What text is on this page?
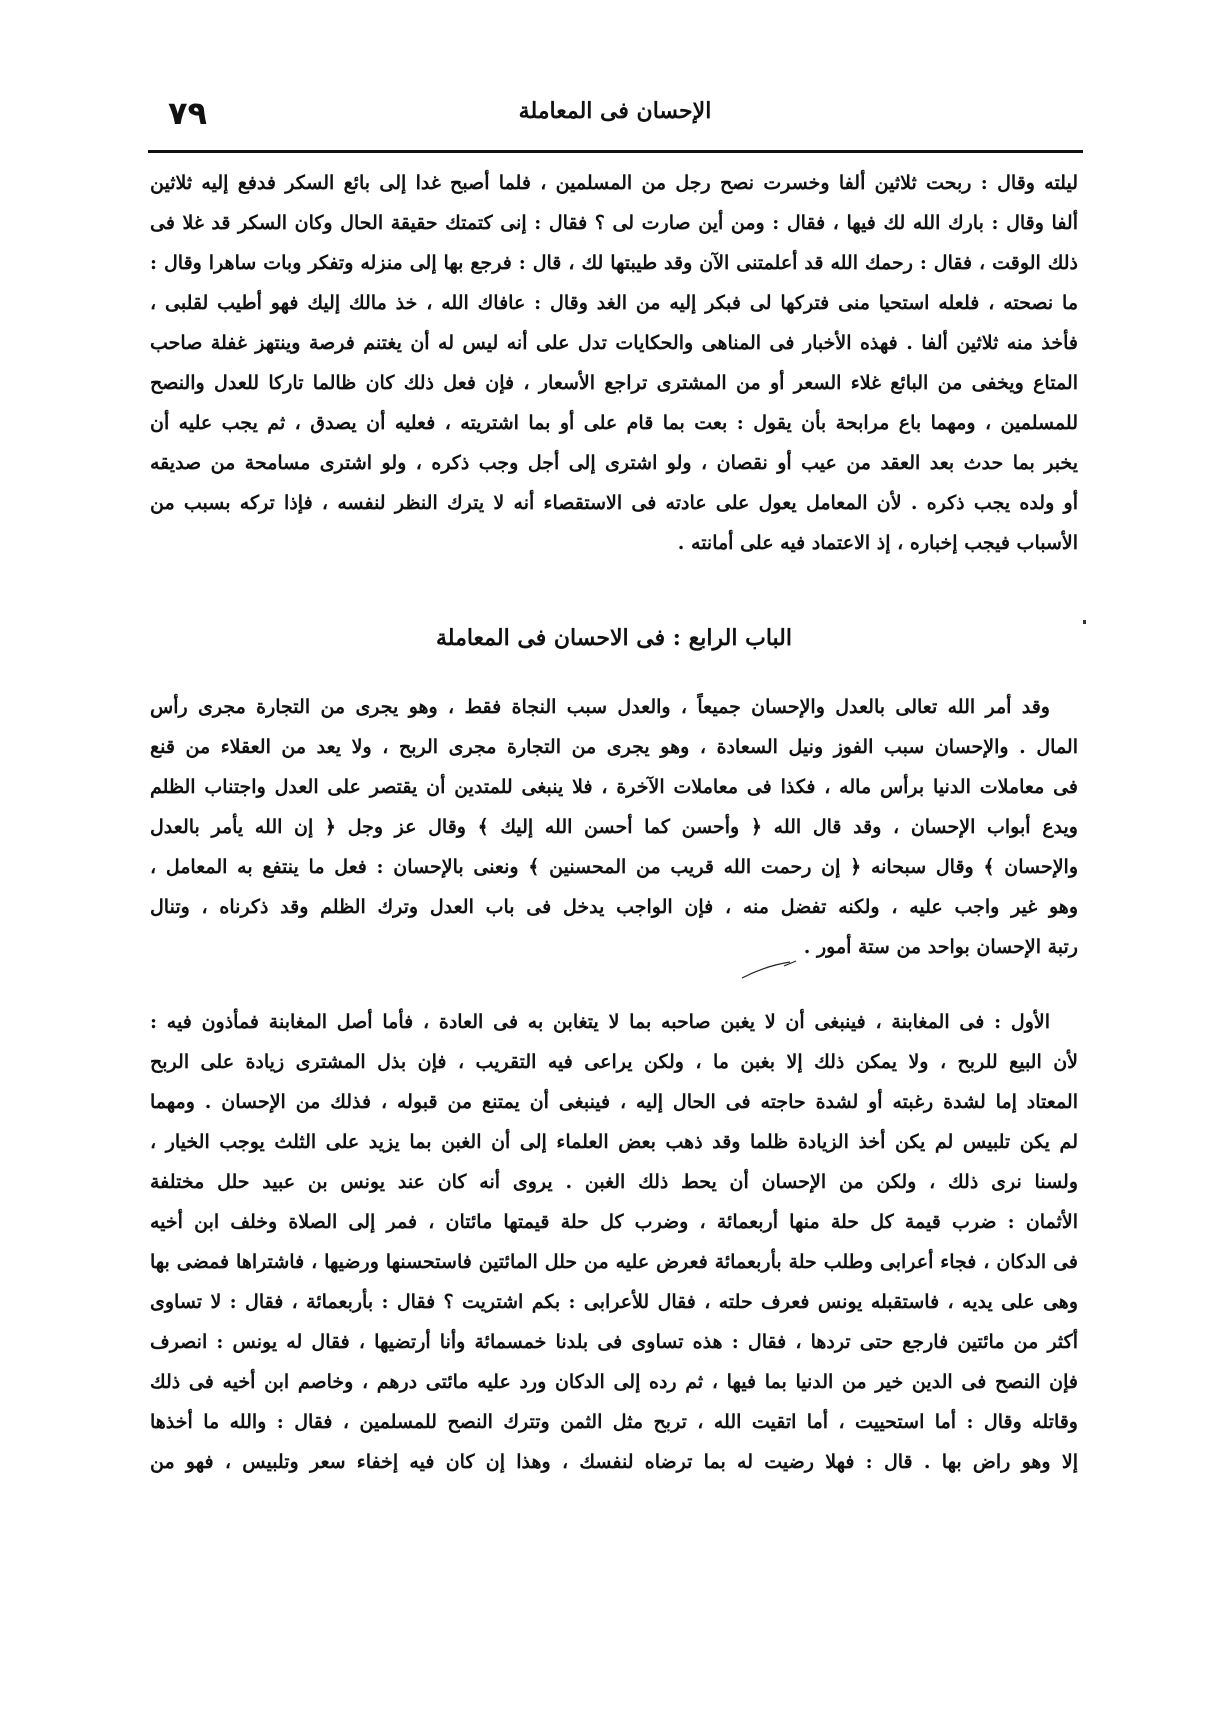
الإحسان فى المعاملة
٧٩
ليلته وقال : ربحت ثلاثين ألفا وخسرت نصح رجل من المسلمين ، فلما أصبح غدا إلى بائع السكر فدفع إليه ثلاثين
ألفا وقال : بارك الله لك فيها ، فقال : ومن أين صارت لى ؟ فقال : إنى كتمتك حقيقة الحال وكان السكر قد غلا فى
ذلك الوقت ، فقال : رحمك الله قد أعلمتنى الآن وقد طيبتها لك ، قال : فرجع بها إلى منزله وتفكر وبات ساهرا وقال :
ما نصحته ، فلعله استحيا منى فتركها لى فبكر إليه من الغد وقال : عافاك الله ، خذ مالك إليك فهو أطيب لقلبى ،
فأخذ منه ثلاثين ألفا . فهذه الأخبار فى المناهى والحكايات تدل على أنه ليس له أن يغتنم فرصة وينتهز غفلة صاحب
المتاع ويخفى من البائع غلاء السعر أو من المشترى تراجع الأسعار ، فإن فعل ذلك كان ظالما تاركا للعدل والنصح
للمسلمين ، ومهما باع مرابحة بأن يقول : بعت بما قام على أو بما اشتريته ، فعليه أن يصدق ، ثم يجب عليه أن
يخبر بما حدث بعد العقد من عيب أو نقصان ، ولو اشترى إلى أجل وجب ذكره ، ولو اشترى مسامحة من صديقه
أو ولده يجب ذكره . لأن المعامل يعول على عادته فى الاستقصاء أنه لا يترك النظر لنفسه ، فإذا تركه بسبب من
الأسباب فيجب إخباره ، إذ الاعتماد فيه على أمانته .
الباب الرابع : فى الاحسان فى المعاملة
وقد أمر الله تعالى بالعدل والإحسان جميعاً ، والعدل سبب النجاة فقط ، وهو يجرى من التجارة مجرى رأس
المال . والإحسان سبب الفوز ونيل السعادة ، وهو يجرى من التجارة مجرى الربح ، ولا يعد من العقلاء من قنع
فى معاملات الدنيا برأس ماله ، فكذا فى معاملات الآخرة ، فلا ينبغى للمتدين أن يقتصر على العدل واجتناب الظلم
ويدع أبواب الإحسان ، وقد قال الله ﴿ وأحسن كما أحسن الله إليك ﴾ وقال عز وجل ﴿ إن الله يأمر بالعدل
والإحسان ﴾ وقال سبحانه ﴿ إن رحمت الله قريب من المحسنين ﴾ ونعنى بالإحسان : فعل ما ينتفع به المعامل ،
وهو غير واجب عليه ، ولكنه تفضل منه ، فإن الواجب يدخل فى باب العدل وترك الظلم وقد ذكرناه ، وتنال
رتبة الإحسان بواحد من ستة أمور .
الأول : فى المغابنة ، فينبغى أن لا يغبن صاحبه بما لا يتغابن به فى العادة ، فأما أصل المغابنة فمأذون فيه :
لأن البيع للربح ، ولا يمكن ذلك إلا بغبن ما ، ولكن يراعى فيه التقريب ، فإن بذل المشترى زيادة على الربح
المعتاد إما لشدة رغبته أو لشدة حاجته فى الحال إليه ، فينبغى أن يمتنع من قبوله ، فذلك من الإحسان . ومهما
لم يكن تلبيس لم يكن أخذ الزيادة ظلما وقد ذهب بعض العلماء إلى أن الغبن بما يزيد على الثلث يوجب الخيار ،
ولسنا نرى ذلك ، ولكن من الإحسان أن يحط ذلك الغبن . يروى أنه كان عند يونس بن عبيد حلل مختلفة
الأثمان : ضرب قيمة كل حلة منها أربعمائة ، وضرب كل حلة قيمتها مائتان ، فمر إلى الصلاة وخلف ابن أخيه
فى الدكان ، فجاء أعرابى وطلب حلة بأربعمائة فعرض عليه من حلل المائتين فاستحسنها ورضيها ، فاشتراها فمضى بها
وهى على يديه ، فاستقبله يونس فعرف حلته ، فقال للأعرابى : بكم اشتريت ؟ فقال : بأربعمائة ، فقال : لا تساوى
أكثر من مائتين فارجع حتى تردها ، فقال : هذه تساوى فى بلدنا خمسمائة وأنا أرتضيها ، فقال له يونس : انصرف
فإن النصح فى الدين خير من الدنيا بما فيها ، ثم رده إلى الدكان ورد عليه مائتى درهم ، وخاصم ابن أخيه فى ذلك
وقاتله وقال : أما استحييت ، أما اتقيت الله ، تربح مثل الثمن وتترك النصح للمسلمين ، فقال : والله ما أخذها
إلا وهو راض بها . قال : فهلا رضيت له بما ترضاه لنفسك ، وهذا إن كان فيه إخفاء سعر وتلبيس ، فهو من
